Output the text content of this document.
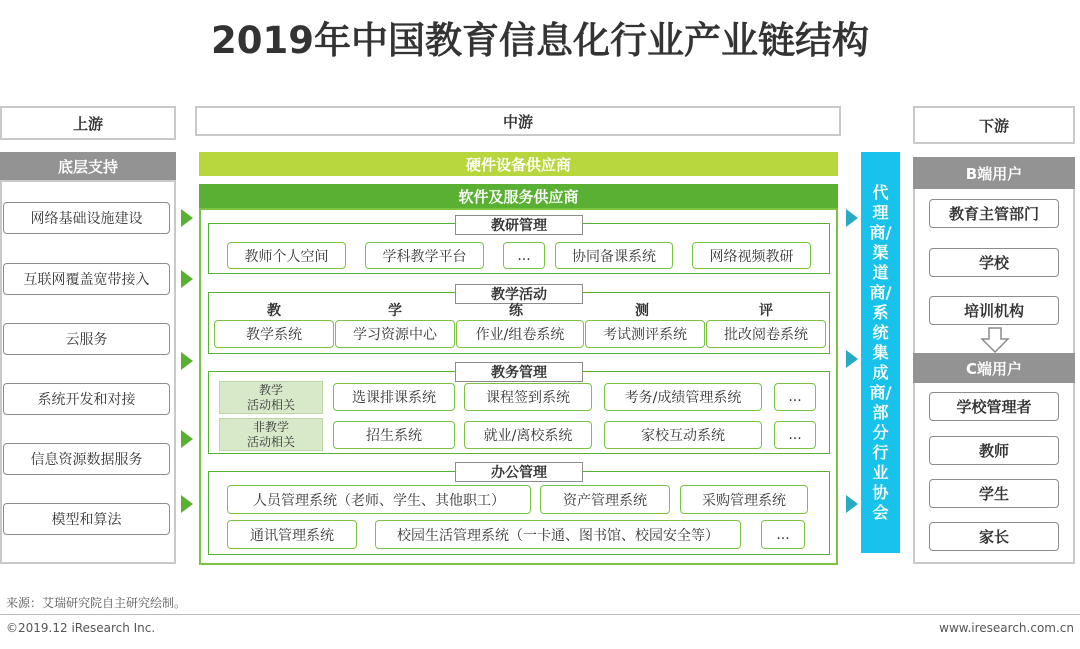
2019年中国教育信息化行业产业链结构
上游
底层支持
网络基础设施建设
互联网覆盖宽带接入
云服务
系统开发和对接
信息资源数据服务
模型和算法
中游
硬件设备供应商
软件及服务供应商
教研管理
教师个人空间	学科教学平台	...	协同备课系统	网络视频教研
教学活动
教	学	练	测	评
教学系统	学习资源中心	作业/组卷系统	考试测评系统	批改阅卷系统
教务管理
教学
活动相关	选课排课系统	课程签到系统	考务/成绩管理系统	...
非教学
活动相关	招生系统	就业/离校系统	家校互动系统	...
办公管理
人员管理系统（老师、学生、其他职工）	资产管理系统	采购管理系统
通讯管理系统	校园生活管理系统（一卡通、图书馆、校园安全等）	...
代理商/渠道商/系统集成商/部分行业协会
下游
B端用户
教育主管部门
学校
培训机构
C端用户
学校管理者
教师
学生
家长
来源：艾瑞研究院自主研究绘制。
©2019.12 iResearch Inc.	www.iresearch.com.cn
